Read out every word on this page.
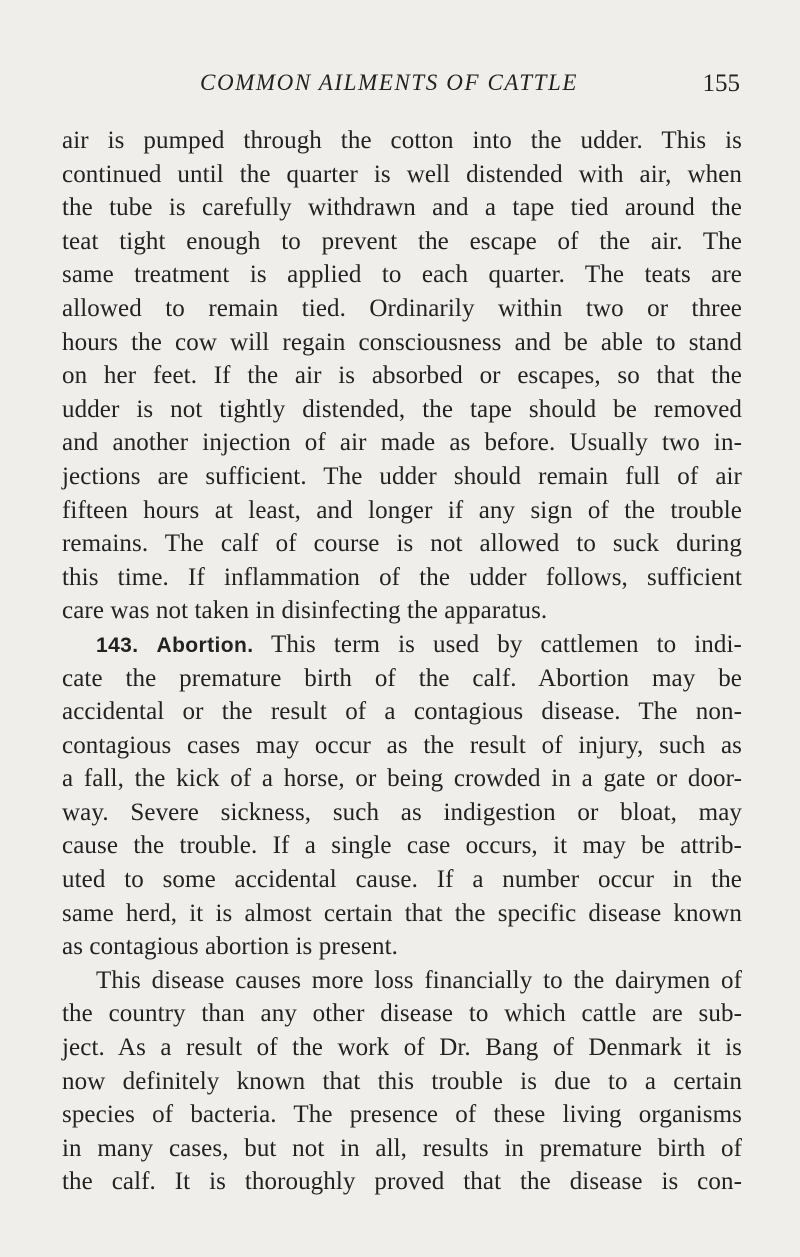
COMMON AILMENTS OF CATTLE	155
air is pumped through the cotton into the udder. This is
continued until the quarter is well distended with air, when
the tube is carefully withdrawn and a tape tied around the
teat tight enough to prevent the escape of the air. The
same treatment is applied to each quarter. The teats are
allowed to remain tied. Ordinarily within two or three
hours the cow will regain consciousness and be able to stand
on her feet. If the air is absorbed or escapes, so that the
udder is not tightly distended, the tape should be removed
and another injection of air made as before. Usually two in-
jections are sufficient. The udder should remain full of air
fifteen hours at least, and longer if any sign of the trouble
remains. The calf of course is not allowed to suck during
this time. If inflammation of the udder follows, sufficient
care was not taken in disinfecting the apparatus.
143. Abortion. This term is used by cattlemen to indi-
cate the premature birth of the calf. Abortion may be
accidental or the result of a contagious disease. The non-
contagious cases may occur as the result of injury, such as
a fall, the kick of a horse, or being crowded in a gate or door-
way. Severe sickness, such as indigestion or bloat, may
cause the trouble. If a single case occurs, it may be attrib-
uted to some accidental cause. If a number occur in the
same herd, it is almost certain that the specific disease known
as contagious abortion is present.
This disease causes more loss financially to the dairymen of
the country than any other disease to which cattle are sub-
ject. As a result of the work of Dr. Bang of Denmark it is
now definitely known that this trouble is due to a certain
species of bacteria. The presence of these living organisms
in many cases, but not in all, results in premature birth of
the calf. It is thoroughly proved that the disease is con-
